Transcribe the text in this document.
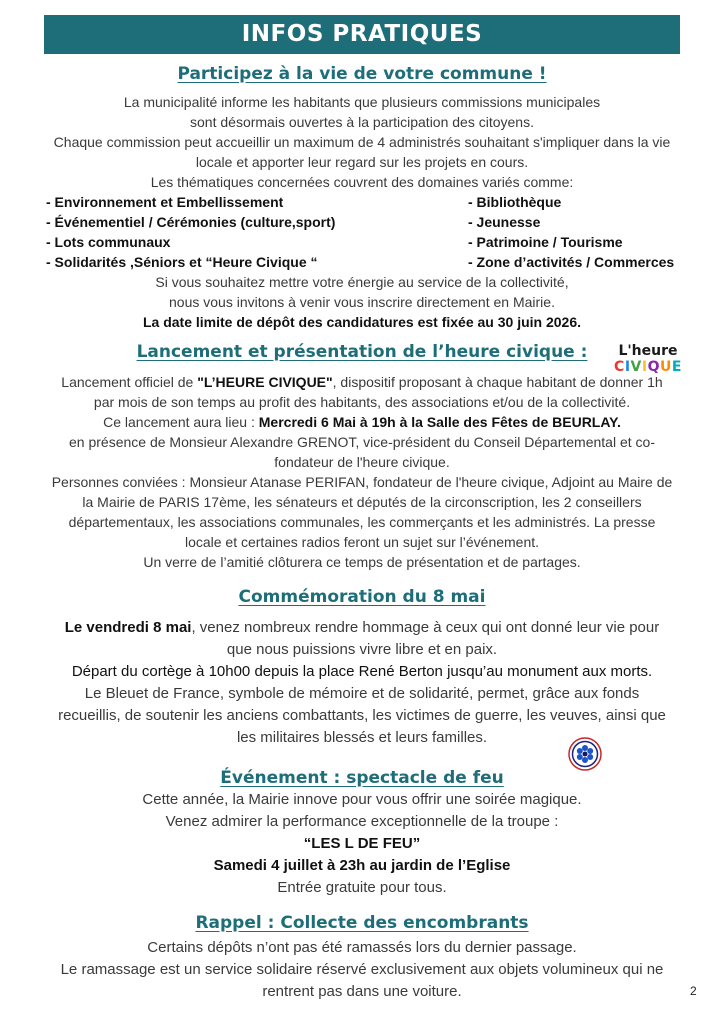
INFOS PRATIQUES
Participez à la vie de votre commune !
La municipalité informe les habitants que plusieurs commissions municipales
sont désormais ouvertes à la participation des citoyens.
Chaque commission peut accueillir un maximum de 4 administrés souhaitant s'impliquer dans la vie
locale et apporter leur regard sur les projets en cours.
Les thématiques concernées couvrent des domaines variés comme:
- Environnement et Embellissement
- Événementiel / Cérémonies (culture,sport)
- Lots communaux
- Solidarités ,Séniors et “Heure Civique “
- Bibliothèque
- Jeunesse
- Patrimoine / Tourisme
- Zone d’activités / Commerces
Si vous souhaitez mettre votre énergie au service de la collectivité,
nous vous invitons à venir vous inscrire directement en Mairie.
La date limite de dépôt des candidatures est fixée au 30 juin 2026.
Lancement et présentation de l’heure civique :	L'heure
CIVIQUE
Lancement officiel de "L’HEURE CIVIQUE", dispositif proposant à chaque habitant de donner 1h
par mois de son temps au profit des habitants, des associations et/ou de la collectivité.
Ce lancement aura lieu : Mercredi 6 Mai à 19h à la Salle des Fêtes de BEURLAY.
en présence de Monsieur Alexandre GRENOT, vice-président du Conseil Départemental et co-
fondateur de l'heure civique.
Personnes conviées : Monsieur Atanase PERIFAN, fondateur de l'heure civique, Adjoint au Maire de
la Mairie de PARIS 17ème, les sénateurs et députés de la circonscription, les 2 conseillers
départementaux, les associations communales, les commerçants et les administrés. La presse
locale et certaines radios feront un sujet sur l’événement.
Un verre de l’amitié clôturera ce temps de présentation et de partages.
Commémoration du 8 mai
Le vendredi 8 mai, venez nombreux rendre hommage à ceux qui ont donné leur vie pour
que nous puissions vivre libre et en paix.
Départ du cortège à 10h00 depuis la place René Berton jusqu’au monument aux morts.
Le Bleuet de France, symbole de mémoire et de solidarité, permet, grâce aux fonds
recueillis, de soutenir les anciens combattants, les victimes de guerre, les veuves, ainsi que
les militaires blessés et leurs familles.
Événement : spectacle de feu
Cette année, la Mairie innove pour vous offrir une soirée magique.
Venez admirer la performance exceptionnelle de la troupe :
“LES L DE FEU”
Samedi 4 juillet à 23h au jardin de l’Eglise
Entrée gratuite pour tous.
Rappel : Collecte des encombrants
Certains dépôts n’ont pas été ramassés lors du dernier passage.
Le ramassage est un service solidaire réservé exclusivement aux objets volumineux qui ne
rentrent pas dans une voiture.	2
